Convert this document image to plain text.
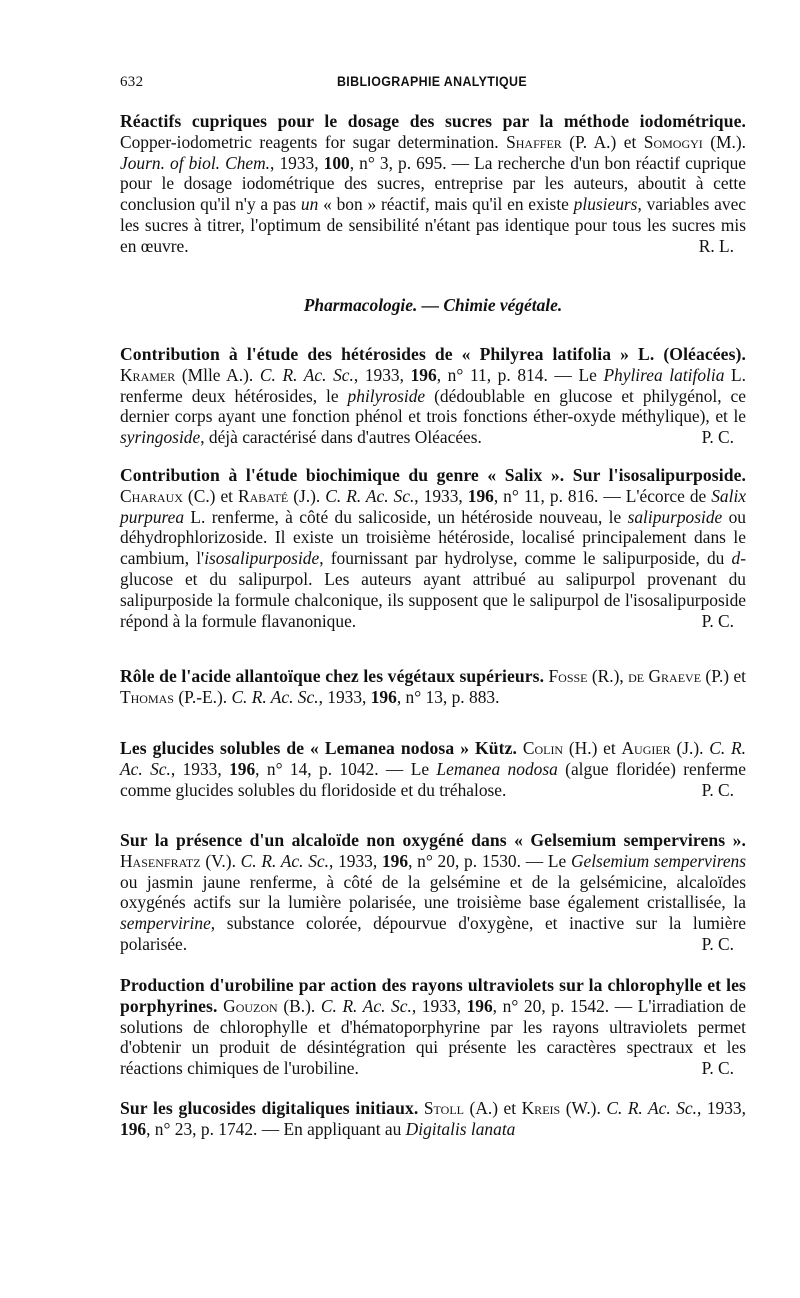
632	BIBLIOGRAPHIE ANALYTIQUE
Réactifs cupriques pour le dosage des sucres par la méthode iodométrique. Copper-iodometric reagents for sugar determination. Shaffer (P. A.) et Somogyi (M.). Journ. of biol. Chem., 1933, 100, n° 3, p. 695. — La recherche d'un bon réactif cuprique pour le dosage iodométrique des sucres, entreprise par les auteurs, aboutit à cette conclusion qu'il n'y a pas un « bon » réactif, mais qu'il en existe plusieurs, variables avec les sucres à titrer, l'optimum de sensibilité n'étant pas identique pour tous les sucres mis en œuvre.	R. L.
Pharmacologie. — Chimie végétale.
Contribution à l'étude des hétérosides de « Philyrea latifolia » L. (Oléacées). Kramer (Mlle A.). C. R. Ac. Sc., 1933, 196, n° 11, p. 814. — Le Phylirea latifolia L. renferme deux hétérosides, le philyroside (dédoublable en glucose et philygénol, ce dernier corps ayant une fonction phénol et trois fonctions éther-oxyde méthylique), et le syringoside, déjà caractérisé dans d'autres Oléacées.	P. C.
Contribution à l'étude biochimique du genre « Salix ». Sur l'isosalipurposide. Charaux (C.) et Rabaté (J.). C. R. Ac. Sc., 1933, 196, n° 11, p. 816. — L'écorce de Salix purpurea L. renferme, à côté du salicoside, un hétéroside nouveau, le salipurposide ou déhydrophlorizoside. Il existe un troisième hétéroside, localisé principalement dans le cambium, l'isosalipurposide, fournissant par hydrolyse, comme le salipurposide, du d-glucose et du salipurpol. Les auteurs ayant attribué au salipurpol provenant du salipurposide la formule chalconique, ils supposent que le salipurpol de l'isosalipurposide répond à la formule flavanonique.	P. C.
Rôle de l'acide allantoïque chez les végétaux supérieurs. Fosse (R.), de Graeve (P.) et Thomas (P.-E.). C. R. Ac. Sc., 1933, 196, n° 13, p. 883.
Les glucides solubles de « Lemanea nodosa » Kütz. Colin (H.) et Augier (J.). C. R. Ac. Sc., 1933, 196, n° 14, p. 1042. — Le Lemanea nodosa (algue floridée) renferme comme glucides solubles du floridoside et du tréhalose.	P. C.
Sur la présence d'un alcaloïde non oxygéné dans « Gelsemium sempervirens ». Hasenfratz (V.). C. R. Ac. Sc., 1933, 196, n° 20, p. 1530. — Le Gelsemium sempervirens ou jasmin jaune renferme, à côté de la gelsémine et de la gelsémicine, alcaloïdes oxygénés actifs sur la lumière polarisée, une troisième base également cristallisée, la sempervirine, substance colorée, dépourvue d'oxygène, et inactive sur la lumière polarisée.	P. C.
Production d'urobiline par action des rayons ultraviolets sur la chlorophylle et les porphyrines. Gouzon (B.). C. R. Ac. Sc., 1933, 196, n° 20, p. 1542. — L'irradiation de solutions de chlorophylle et d'hématoporphyrine par les rayons ultraviolets permet d'obtenir un produit de désintégration qui présente les caractères spectraux et les réactions chimiques de l'urobiline.	P. C.
Sur les glucosides digitaliques initiaux. Stoll (A.) et Kreis (W.). C. R. Ac. Sc., 1933, 196, n° 23, p. 1742. — En appliquant au Digitalis lanata
